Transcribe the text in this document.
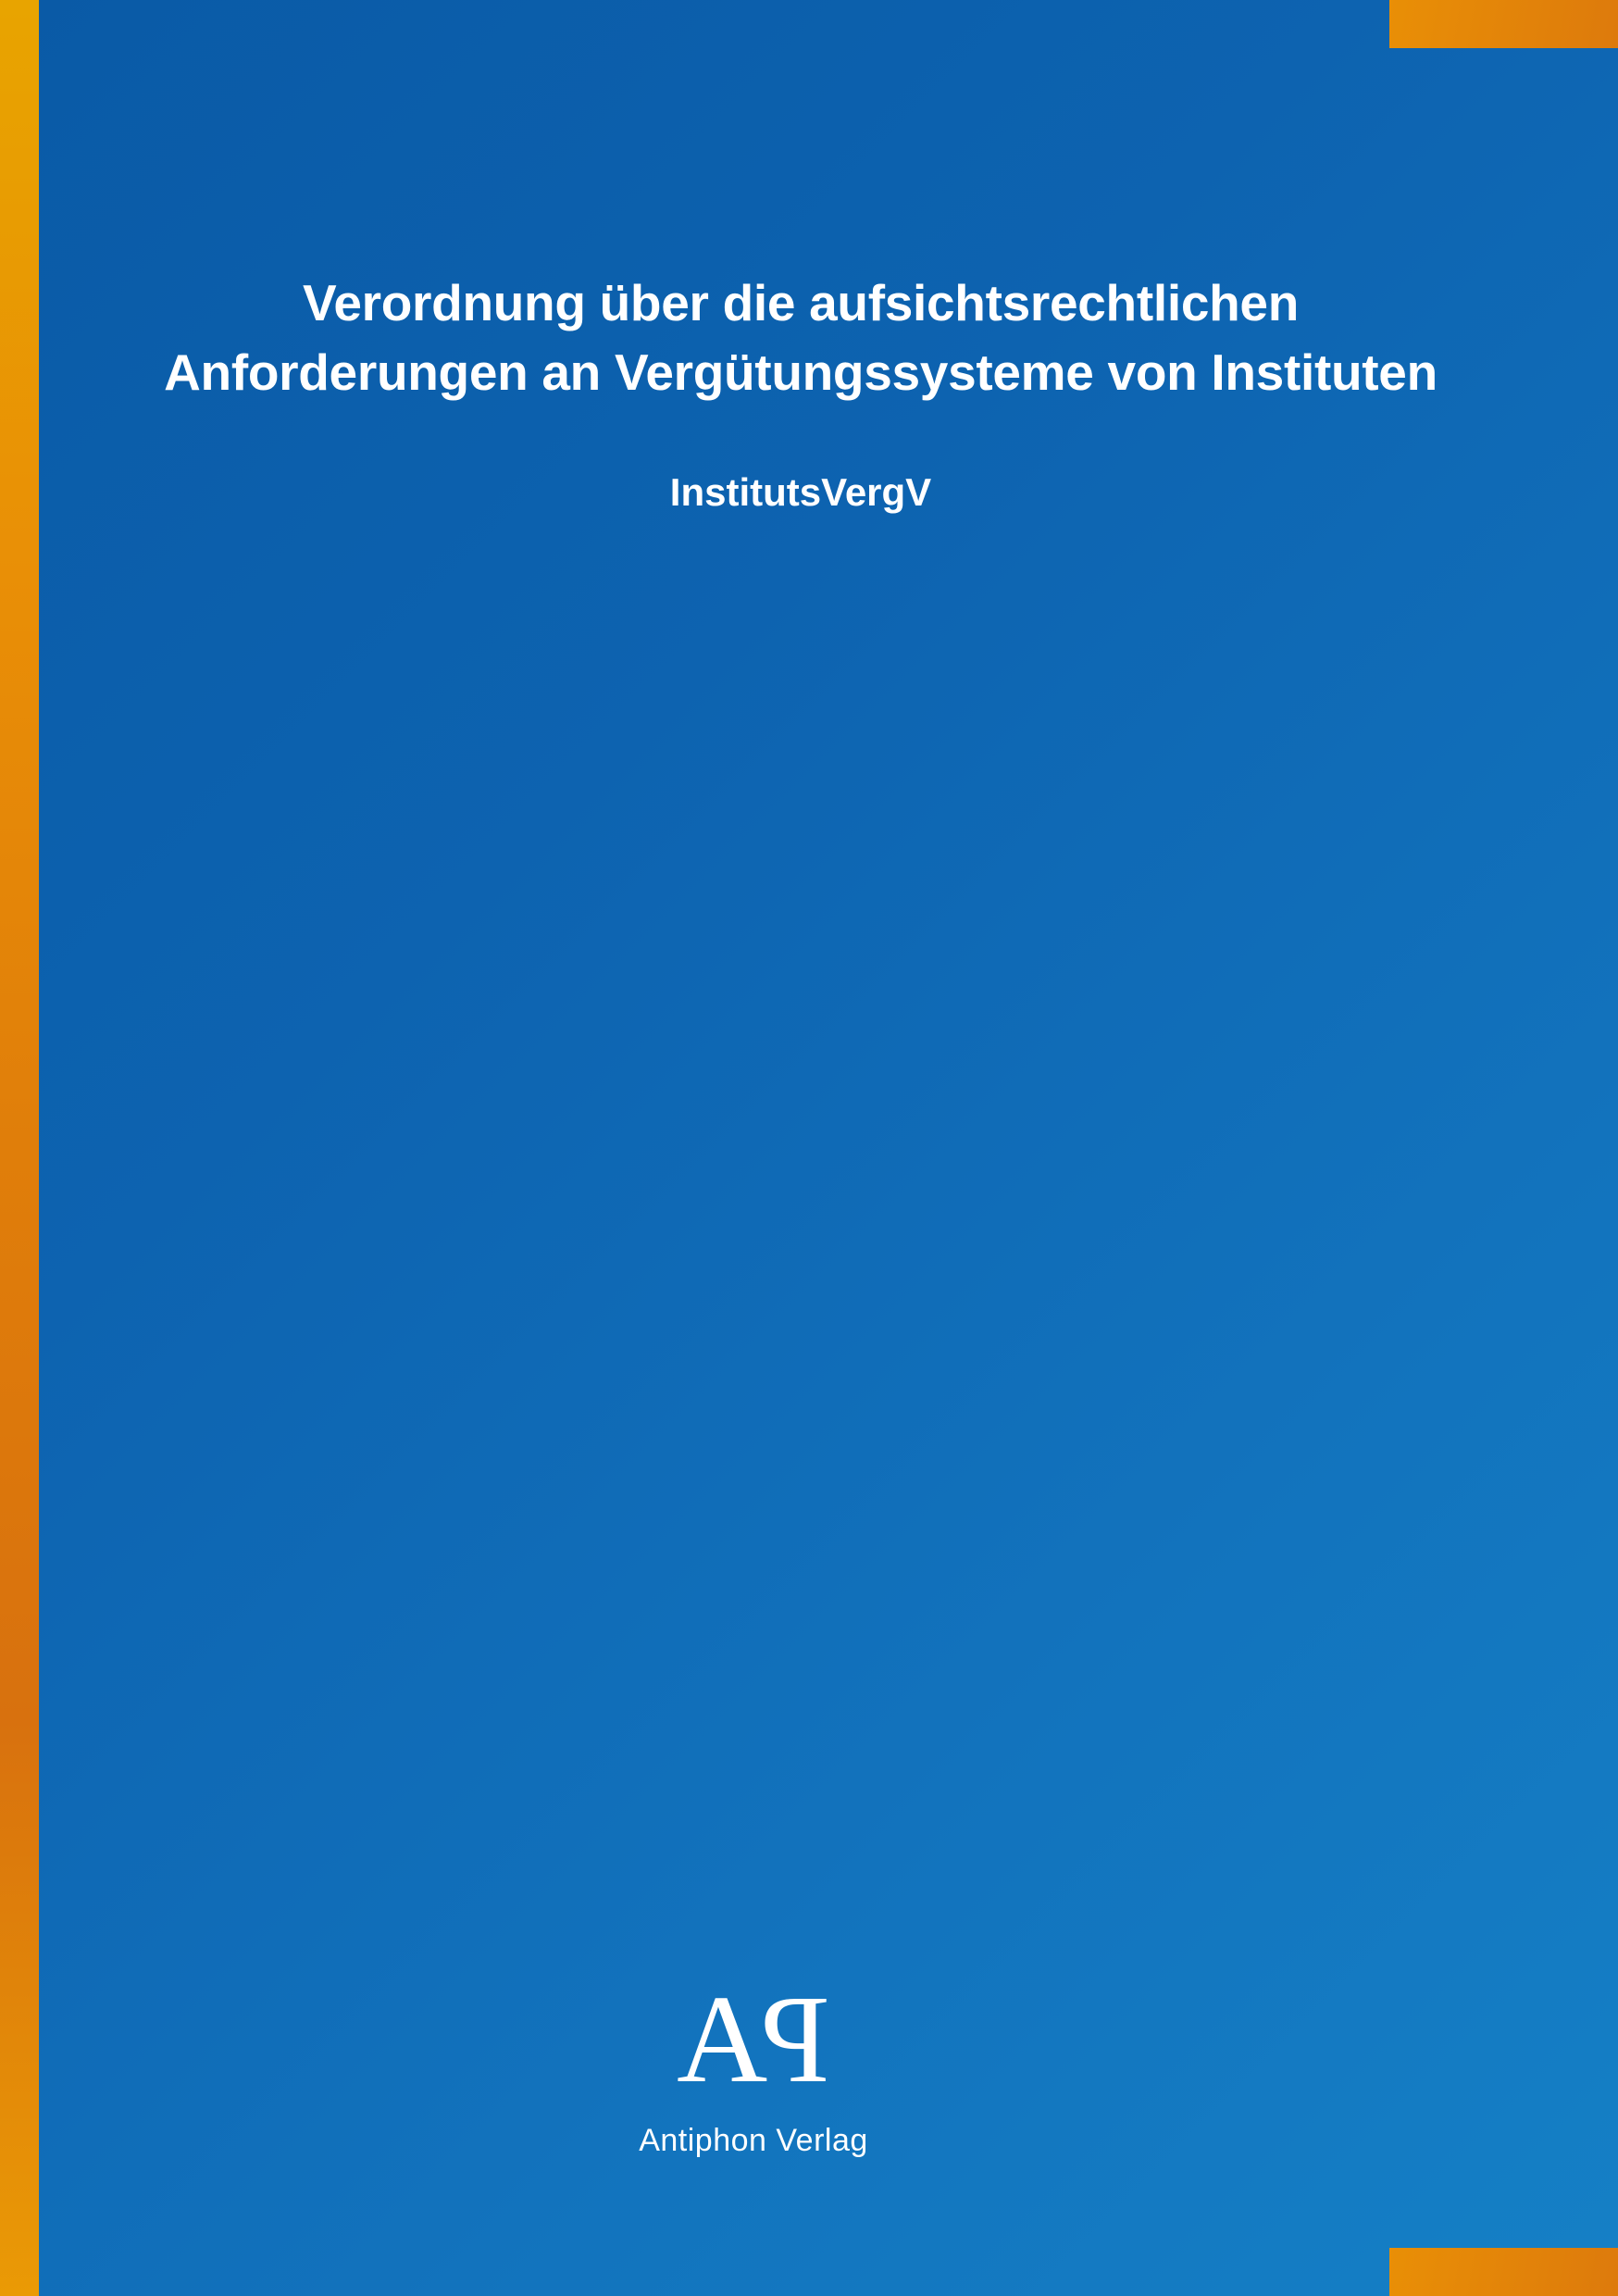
Verordnung über die aufsichtsrechtlichen Anforderungen an Vergütungssysteme von Instituten
InstitutsVergV
AP
Antiphon Verlag
